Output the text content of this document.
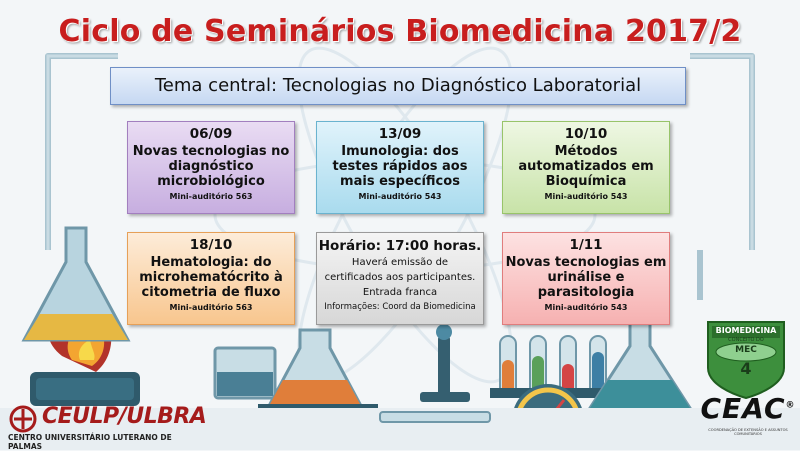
Ciclo de Seminários Biomedicina 2017/2
Tema central: Tecnologias no Diagnóstico Laboratorial
06/09
Novas tecnologias no diagnóstico microbiológico
Mini-auditório 563
13/09
Imunologia: dos testes rápidos aos mais específicos
Mini-auditório 543
10/10
Métodos automatizados em Bioquímica
Mini-auditório 543
18/10
Hematologia: do microhematócrito à citometria de fluxo
Mini-auditório 563
Horário: 17:00 horas.
Haverá emissão de
certificados aos participantes.
Entrada franca
Informações: Coord da Biomedicina
1/11
Novas tecnologias em urinálise e parasitologia
Mini-auditório 543
CEULP/ULBRA
CENTRO UNIVERSITÁRIO LUTERANO DE PALMAS
BIOMEDICINA
CONCEITO DO
MEC
4
CEAC®
COORDENAÇÃO DE EXTENSÃO E ASSUNTOS COMUNITÁRIOS
